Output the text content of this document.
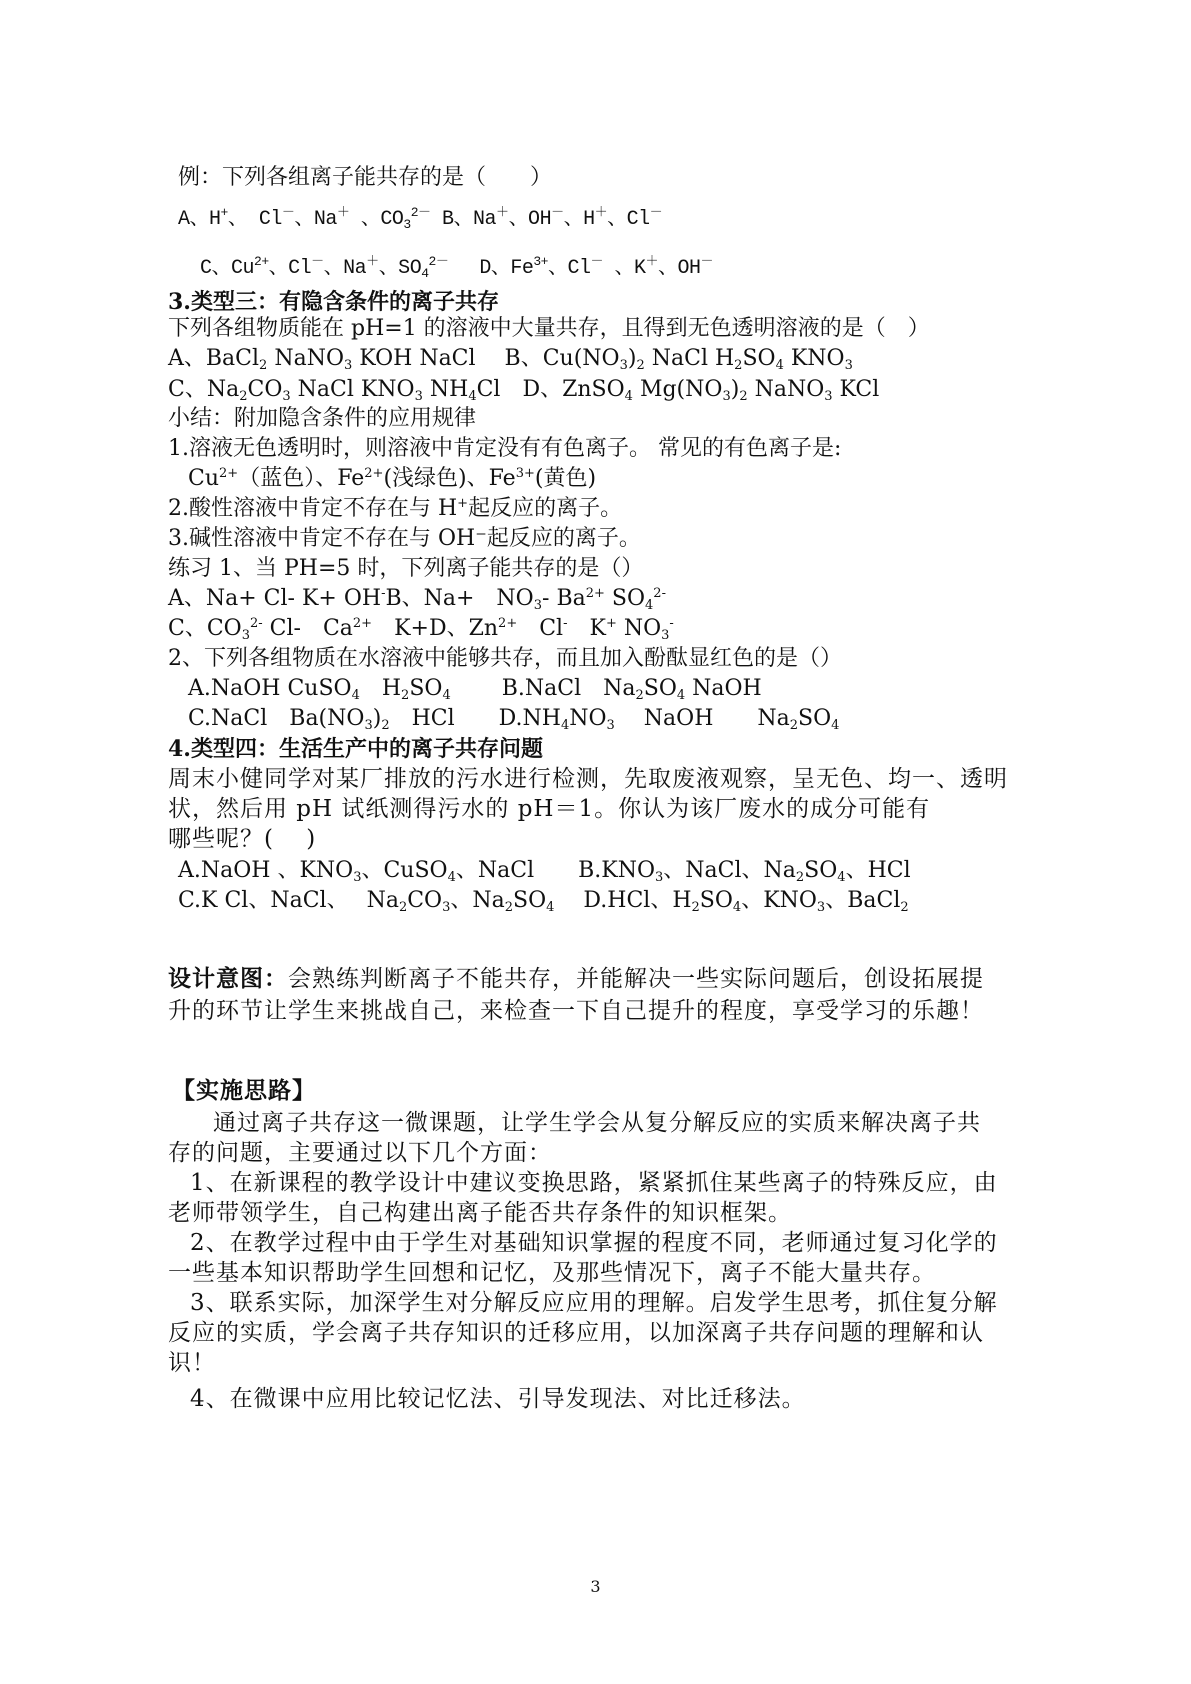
例：下列各组离子能共存的是（　　）
A、H+、 Cl－、Na＋ 、$CO_3^{2-}$ B、Na＋、OH－、H＋、Cl－
C、$Cu^{2+}$、Cl－、Na＋、$SO_4^{2-}$　 D、$Fe^{3+}$、Cl－ 、K＋、OH－
3.类型三：有隐含条件的离子共存
下列各组物质能在 pH=1 的溶液中大量共存，且得到无色透明溶液的是（　）
A、BaCl$_2$ NaNO$_3$ KOH NaCl　 B、$Cu(NO_3)_2$ NaCl $H_2SO_4$ $KNO_3$
C、$Na_2CO_3$ NaCl $KNO_3$ $NH_4Cl$　D、ZnSO$_4$ $Mg(NO_3)_2$ NaNO$_3$ KCl
小结：附加隐含条件的应用规律
1.溶液无色透明时，则溶液中肯定没有有色离子。 常见的有色离子是:
$Cu^{2+}$（蓝色）、$Fe^{2+}$(浅绿色)、$Fe^{3+}$(黄色)
2.酸性溶液中肯定不存在与 H+起反应的离子。
3.碱性溶液中肯定不存在与 OH⁻起反应的离子。
练习 1、当 PH=5 时，下列离子能共存的是（）
A、Na+ Cl- K+ OH-B、Na+　$NO_3-$ $Ba^{2+}$ $SO_4^{2-}$
C、$CO_3^{2-}$ Cl-　$Ca^{2+}$　K+D、$Zn^{2+}$　Cl-　K+ $NO_3^-$
2、下列各组物质在水溶液中能够共存，而且加入酚酞显红色的是（）
A.NaOH CuSO$_4$　$H_2SO_4$　　 B.NaCl　$Na_2SO_4$ NaOH
C.NaCl　$Ba(NO_3)_2$　HCl　　$D.NH_4NO_3$　 NaOH　　$Na_2SO_4$
4.类型四：生活生产中的离子共存问题
周末小健同学对某厂排放的污水进行检测，先取废液观察，呈无色、均一、透明
状，然后用 pH 试纸测得污水的 pH＝1。你认为该厂废水的成分可能有
哪些呢？(　 )
A.NaOH 、$KNO_3$、CuSO$_4$、NaCl　　$B.KNO_3$、NaCl、$Na_2SO_4$、HCl
C.K Cl、NaCl、　 $Na_2CO_3$、$Na_2SO_4$　 D.HCl、$H_2SO_4$、$KNO_3$、BaCl$_2$
设计意图：会熟练判断离子不能共存，并能解决一些实际问题后，创设拓展提
升的环节让学生来挑战自己，来检查一下自己提升的程度，享受学习的乐趣！
【实施思路】
通过离子共存这一微课题，让学生学会从复分解反应的实质来解决离子共
存的问题，主要通过以下几个方面：
1、在新课程的教学设计中建议变换思路，紧紧抓住某些离子的特殊反应，由
老师带领学生，自己构建出离子能否共存条件的知识框架。
2、在教学过程中由于学生对基础知识掌握的程度不同，老师通过复习化学的
一些基本知识帮助学生回想和记忆，及那些情况下，离子不能大量共存。
3、联系实际，加深学生对分解反应应用的理解。启发学生思考，抓住复分解
反应的实质，学会离子共存知识的迁移应用，以加深离子共存问题的理解和认
识！
4、在微课中应用比较记忆法、引导发现法、对比迁移法。
3
